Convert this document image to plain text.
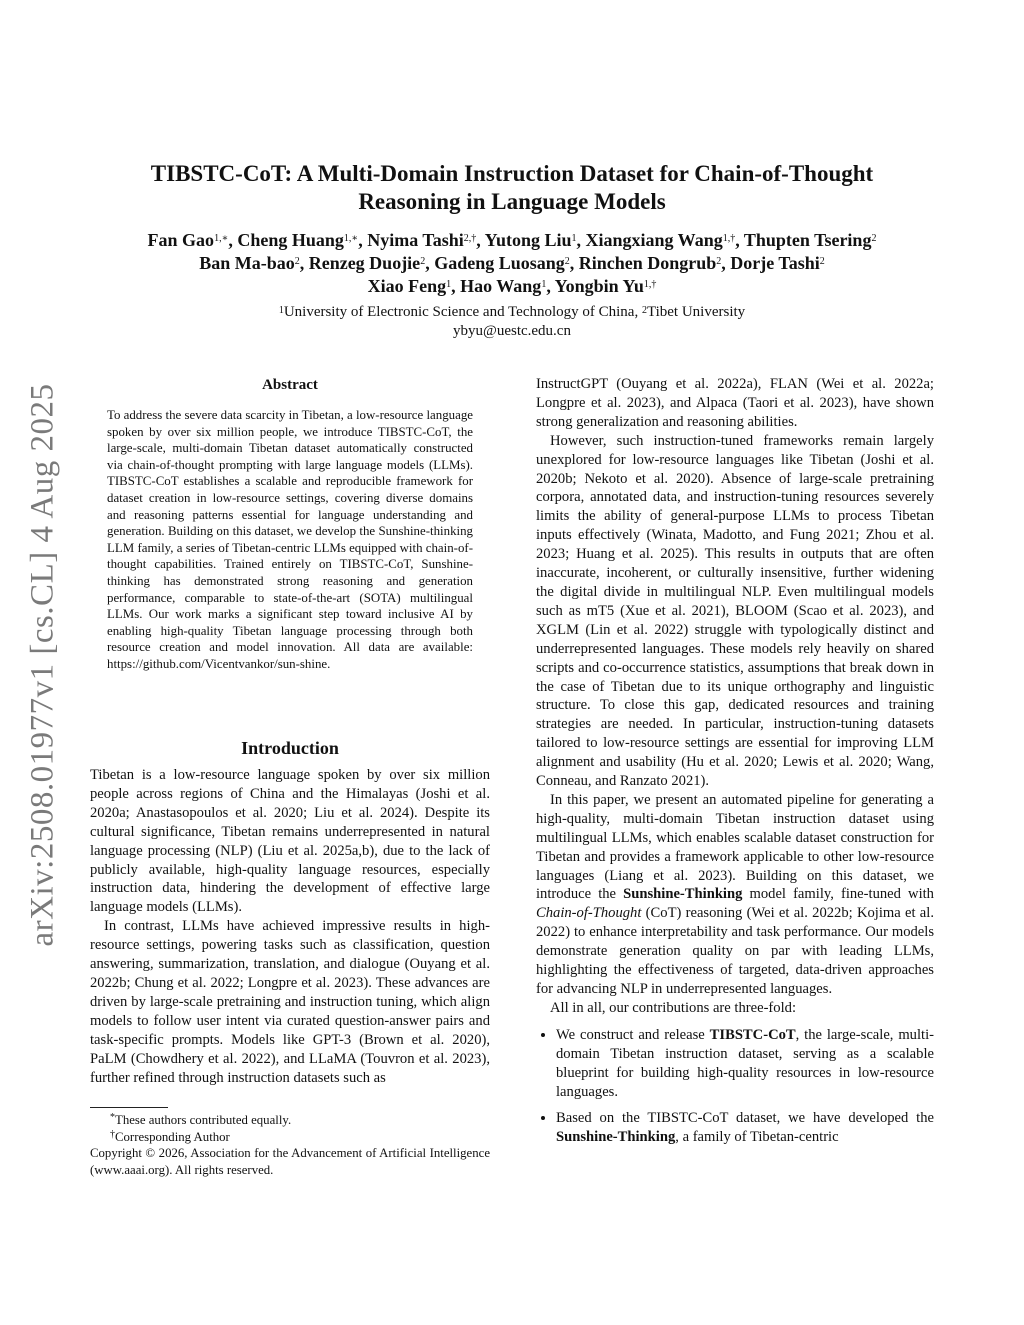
arXiv:2508.01977v1 [cs.CL] 4 Aug 2025
TIBSTC-CoT: A Multi-Domain Instruction Dataset for Chain-of-Thought
Reasoning in Language Models
Fan Gao$^{1,∗}$, Cheng Huang$^{1,∗}$, Nyima Tashi$^{2,\dagger}$, Yutong Liu$^1$, Xiangxiang Wang$^{1,\dagger}$, Thupten Tsering$^2$
Ban Ma-bao$^2$, Renzeg Duojie$^2$, Gadeng Luosang$^2$, Rinchen Dongrub$^2$, Dorje Tashi$^2$
Xiao Feng$^1$, Hao Wang$^1$, Yongbin $Yu^{1,\dagger}$
$^1$University of Electronic Science and Technology of China, $^2$Tibet University
ybyu@uestc.edu.cn
Abstract
To address the severe data scarcity in Tibetan, a low-resource language spoken by over six million people, we introduce TIBSTC-CoT, the large-scale, multi-domain Tibetan dataset automatically constructed via chain-of-thought prompting with large language models (LLMs). TIBSTC-CoT establishes a scalable and reproducible framework for dataset creation in low-resource settings, covering diverse domains and reasoning patterns essential for language understanding and generation. Building on this dataset, we develop the Sunshine-thinking LLM family, a series of Tibetan-centric LLMs equipped with chain-of-thought capabilities. Trained entirely on TIBSTC-CoT, Sunshine-thinking has demonstrated strong reasoning and generation performance, comparable to state-of-the-art (SOTA) multilingual LLMs. Our work marks a significant step toward inclusive AI by enabling high-quality Tibetan language processing through both resource creation and model innovation. All data are available: https://github.com/Vicentvankor/sun-shine.
Introduction

Tibetan is a low-resource language spoken by over six million people across regions of China and the Himalayas (Joshi et al. 2020a; Anastasopoulos et al. 2020; Liu et al. 2024). Despite its cultural significance, Tibetan remains underrepresented in natural language processing (NLP) (Liu et al. 2025a,b), due to the lack of publicly available, high-quality language resources, especially instruction data, hindering the development of effective large language models (LLMs).

In contrast, LLMs have achieved impressive results in high-resource settings, powering tasks such as classification, question answering, summarization, translation, and dialogue (Ouyang et al. 2022b; Chung et al. 2022; Longpre et al. 2023). These advances are driven by large-scale pretraining and instruction tuning, which align models to follow user intent via curated question-answer pairs and task-specific prompts. Models like GPT-3 (Brown et al. 2020), PaLM (Chowdhery et al. 2022), and LLaMA (Touvron et al. 2023), further refined through instruction datasets such as

*These authors contributed equally.
†Corresponding Author
Copyright © 2026, Association for the Advancement of Artificial Intelligence (www.aaai.org). All rights reserved.

InstructGPT (Ouyang et al. 2022a), FLAN (Wei et al. 2022a; Longpre et al. 2023), and Alpaca (Taori et al. 2023), have shown strong generalization and reasoning abilities.

However, such instruction-tuned frameworks remain largely unexplored for low-resource languages like Tibetan (Joshi et al. 2020b; Nekoto et al. 2020). Absence of large-scale pretraining corpora, annotated data, and instruction-tuning resources severely limits the ability of general-purpose LLMs to process Tibetan inputs effectively (Winata, Madotto, and Fung 2021; Zhou et al. 2023; Huang et al. 2025). This results in outputs that are often inaccurate, incoherent, or culturally insensitive, further widening the digital divide in multilingual NLP. Even multilingual models such as mT5 (Xue et al. 2021), BLOOM (Scao et al. 2023), and XGLM (Lin et al. 2022) struggle with typologically distinct and underrepresented languages. These models rely heavily on shared scripts and co-occurrence statistics, assumptions that break down in the case of Tibetan due to its unique orthography and linguistic structure. To close this gap, dedicated resources and training strategies are needed. In particular, instruction-tuning datasets tailored to low-resource settings are essential for improving LLM alignment and usability (Hu et al. 2020; Lewis et al. 2020; Wang, Conneau, and Ranzato 2021).

In this paper, we present an automated pipeline for generating a high-quality, multi-domain Tibetan instruction dataset using multilingual LLMs, which enables scalable dataset construction for Tibetan and provides a framework applicable to other low-resource languages (Liang et al. 2023). Building on this dataset, we introduce the Sunshine-Thinking model family, fine-tuned with Chain-of-Thought (CoT) reasoning (Wei et al. 2022b; Kojima et al. 2022) to enhance interpretability and task performance. Our models demonstrate generation quality on par with leading LLMs, highlighting the effectiveness of targeted, data-driven approaches for advancing NLP in underrepresented languages.

All in all, our contributions are three-fold:

• We construct and release TIBSTC-CoT, the large-scale, multi-domain Tibetan instruction dataset, serving as a scalable blueprint for building high-quality resources in low-resource languages.
• Based on the TIBSTC-CoT dataset, we have developed the Sunshine-Thinking, a family of Tibetan-centric
